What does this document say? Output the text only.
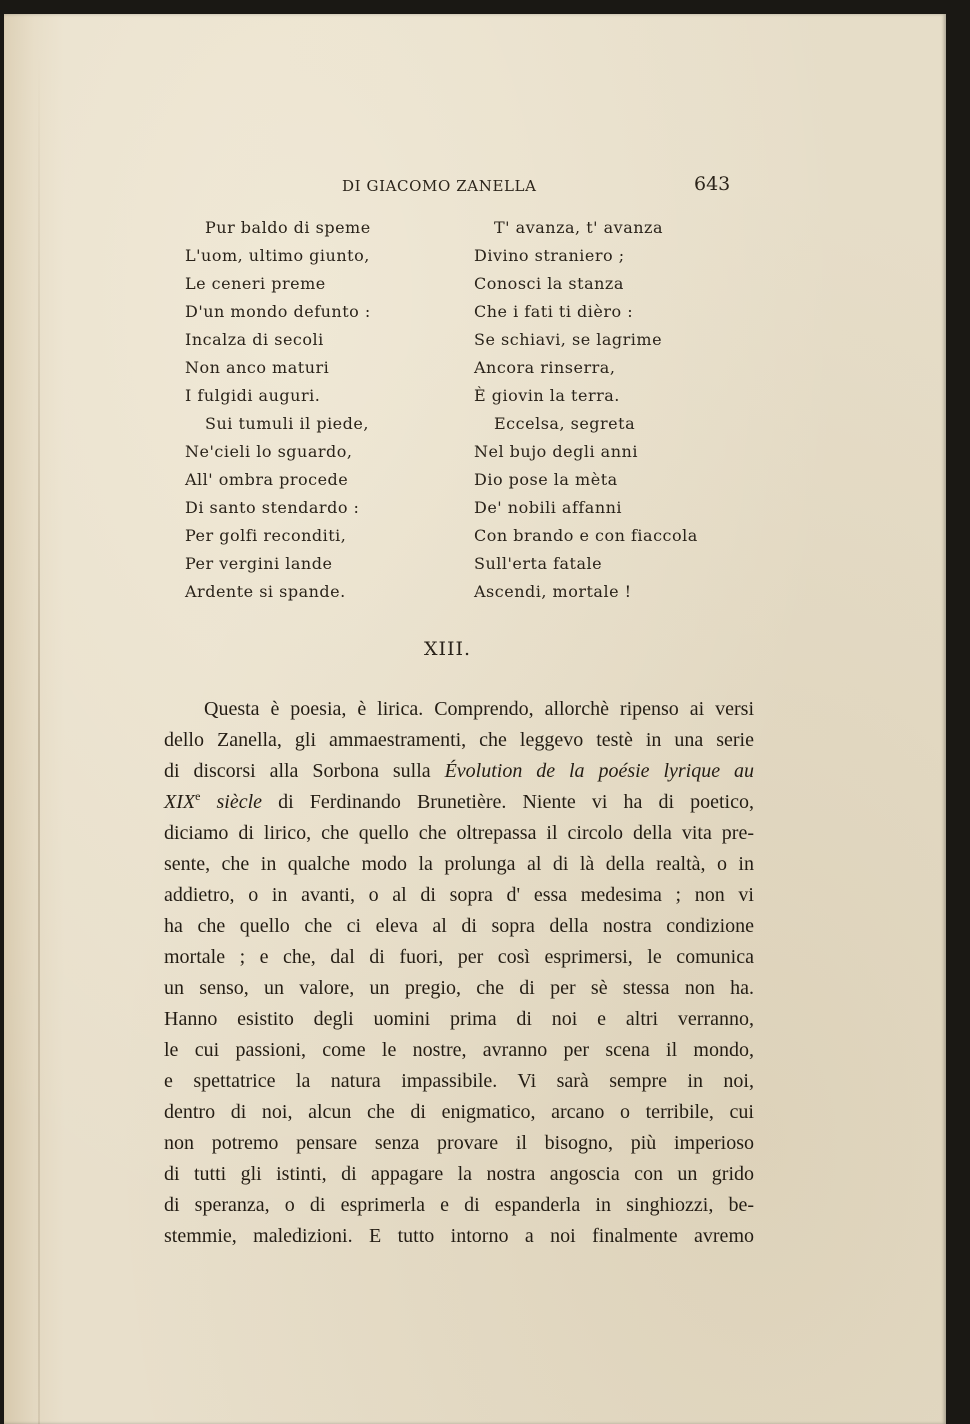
DI GIACOMO ZANELLA	643
Pur baldo di speme
L'uom, ultimo giunto,
Le ceneri preme
D'un mondo defunto :
Incalza di secoli
Non anco maturi
I fulgidi auguri.
Sui tumuli il piede,
Ne'cieli lo sguardo,
All' ombra procede
Di santo stendardo :
Per golfi reconditi,
Per vergini lande
Ardente si spande.
T' avanza, t' avanza
Divino straniero ;
Conosci la stanza
Che i fati ti dièro :
Se schiavi, se lagrime
Ancora rinserra,
È giovin la terra.
Eccelsa, segreta
Nel bujo degli anni
Dio pose la mèta
De' nobili affanni
Con brando e con fiaccola
Sull'erta fatale
Ascendi, mortale !
XIII.
Questa è poesia, è lirica. Comprendo, allorchè ripenso ai versi
dello Zanella, gli ammaestramenti, che leggevo testè in una serie
di discorsi alla Sorbona sulla Évolution de la poésie lyrique au
XIXe siècle di Ferdinando Brunetière. Niente vi ha di poetico,
diciamo di lirico, che quello che oltrepassa il circolo della vita pre-
sente, che in qualche modo la prolunga al di là della realtà, o in
addietro, o in avanti, o al di sopra d' essa medesima ; non vi
ha che quello che ci eleva al di sopra della nostra condizione
mortale ; e che, dal di fuori, per così esprimersi, le comunica
un senso, un valore, un pregio, che di per sè stessa non ha.
Hanno esistito degli uomini prima di noi e altri verranno,
le cui passioni, come le nostre, avranno per scena il mondo,
e spettatrice la natura impassibile. Vi sarà sempre in noi,
dentro di noi, alcun che di enigmatico, arcano o terribile, cui
non potremo pensare senza provare il bisogno, più imperioso
di tutti gli istinti, di appagare la nostra angoscia con un grido
di speranza, o di esprimerla e di espanderla in singhiozzi, be-
stemmie, maledizioni. E tutto intorno a noi finalmente avremo
